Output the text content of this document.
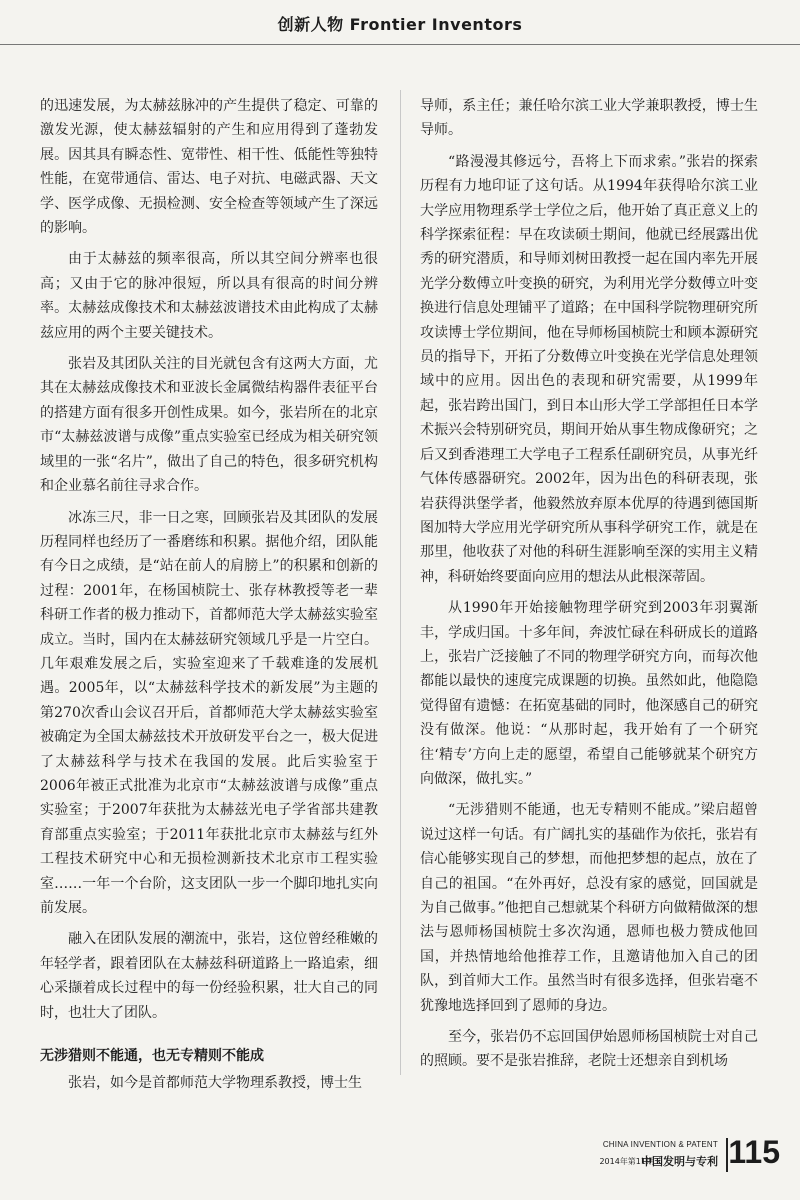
创新人物 Frontier Inventors

的迅速发展，为太赫兹脉冲的产生提供了稳定、可靠的激发光源，使太赫兹辐射的产生和应用得到了蓬勃发展。因其具有瞬态性、宽带性、相干性、低能性等独特性能，在宽带通信、雷达、电子对抗、电磁武器、天文学、医学成像、无损检测、安全检查等领域产生了深远的影响。

由于太赫兹的频率很高，所以其空间分辨率也很高；又由于它的脉冲很短，所以具有很高的时间分辨率。太赫兹成像技术和太赫兹波谱技术由此构成了太赫兹应用的两个主要关键技术。

张岩及其团队关注的目光就包含有这两大方面，尤其在太赫兹成像技术和亚波长金属微结构器件表征平台的搭建方面有很多开创性成果。如今，张岩所在的北京市“太赫兹波谱与成像”重点实验室已经成为相关研究领域里的一张“名片”，做出了自己的特色，很多研究机构和企业慕名前往寻求合作。

冰冻三尺，非一日之寒，回顾张岩及其团队的发展历程同样也经历了一番磨练和积累。据他介绍，团队能有今日之成绩，是“站在前人的肩膀上”的积累和创新的过程：2001年，在杨国桢院士、张存林教授等老一辈科研工作者的极力推动下，首都师范大学太赫兹实验室成立。当时，国内在太赫兹研究领域几乎是一片空白。几年艰难发展之后，实验室迎来了千载难逢的发展机遇。2005年，以“太赫兹科学技术的新发展”为主题的第270次香山会议召开后，首都师范大学太赫兹实验室被确定为全国太赫兹技术开放研发平台之一，极大促进了太赫兹科学与技术在我国的发展。此后实验室于2006年被正式批准为北京市“太赫兹波谱与成像”重点实验室；于2007年获批为太赫兹光电子学省部共建教育部重点实验室；于2011年获批北京市太赫兹与红外工程技术研究中心和无损检测新技术北京市工程实验室……一年一个台阶，这支团队一步一个脚印地扎实向前发展。

融入在团队发展的潮流中，张岩，这位曾经稚嫩的年轻学者，跟着团队在太赫兹科研道路上一路追索，细心采撷着成长过程中的每一份经验积累，壮大自己的同时，也壮大了团队。

无涉猎则不能通，也无专精则不能成

张岩，如今是首都师范大学物理系教授，博士生

导师，系主任；兼任哈尔滨工业大学兼职教授，博士生导师。

“路漫漫其修远兮，吾将上下而求索。”张岩的探索历程有力地印证了这句话。从1994年获得哈尔滨工业大学应用物理系学士学位之后，他开始了真正意义上的科学探索征程：早在攻读硕士期间，他就已经展露出优秀的研究潜质，和导师刘树田教授一起在国内率先开展光学分数傅立叶变换的研究，为利用光学分数傅立叶变换进行信息处理铺平了道路；在中国科学院物理研究所攻读博士学位期间，他在导师杨国桢院士和顾本源研究员的指导下，开拓了分数傅立叶变换在光学信息处理领域中的应用。因出色的表现和研究需要，从1999年起，张岩跨出国门，到日本山形大学工学部担任日本学术振兴会特别研究员，期间开始从事生物成像研究；之后又到香港理工大学电子工程系任副研究员，从事光纤气体传感器研究。2002年，因为出色的科研表现，张岩获得洪堡学者，他毅然放弃原本优厚的待遇到德国斯图加特大学应用光学研究所从事科学研究工作，就是在那里，他收获了对他的科研生涯影响至深的实用主义精神，科研始终要面向应用的想法从此根深蒂固。

从1990年开始接触物理学研究到2003年羽翼渐丰，学成归国。十多年间，奔波忙碌在科研成长的道路上，张岩广泛接触了不同的物理学研究方向，而每次他都能以最快的速度完成课题的切换。虽然如此，他隐隐觉得留有遗憾：在拓宽基础的同时，他深感自己的研究没有做深。他说：“从那时起，我开始有了一个研究往‘精专’方向上走的愿望，希望自己能够就某个研究方向做深，做扎实。”

“无涉猎则不能通，也无专精则不能成。”梁启超曾说过这样一句话。有广阔扎实的基础作为依托，张岩有信心能够实现自己的梦想，而他把梦想的起点，放在了自己的祖国。“在外再好，总没有家的感觉，回国就是为自己做事。”他把自己想就某个科研方向做精做深的想法与恩师杨国桢院士多次沟通，恩师也极力赞成他回国，并热情地给他推荐工作，且邀请他加入自己的团队，到首师大工作。虽然当时有很多选择，但张岩毫不犹豫地选择回到了恩师的身边。

至今，张岩仍不忘回国伊始恩师杨国桢院士对自己的照顾。要不是张岩推辞，老院士还想亲自到机场

CHINA INVENTION & PATENT
2014年第11期
中国发明与专利 115
